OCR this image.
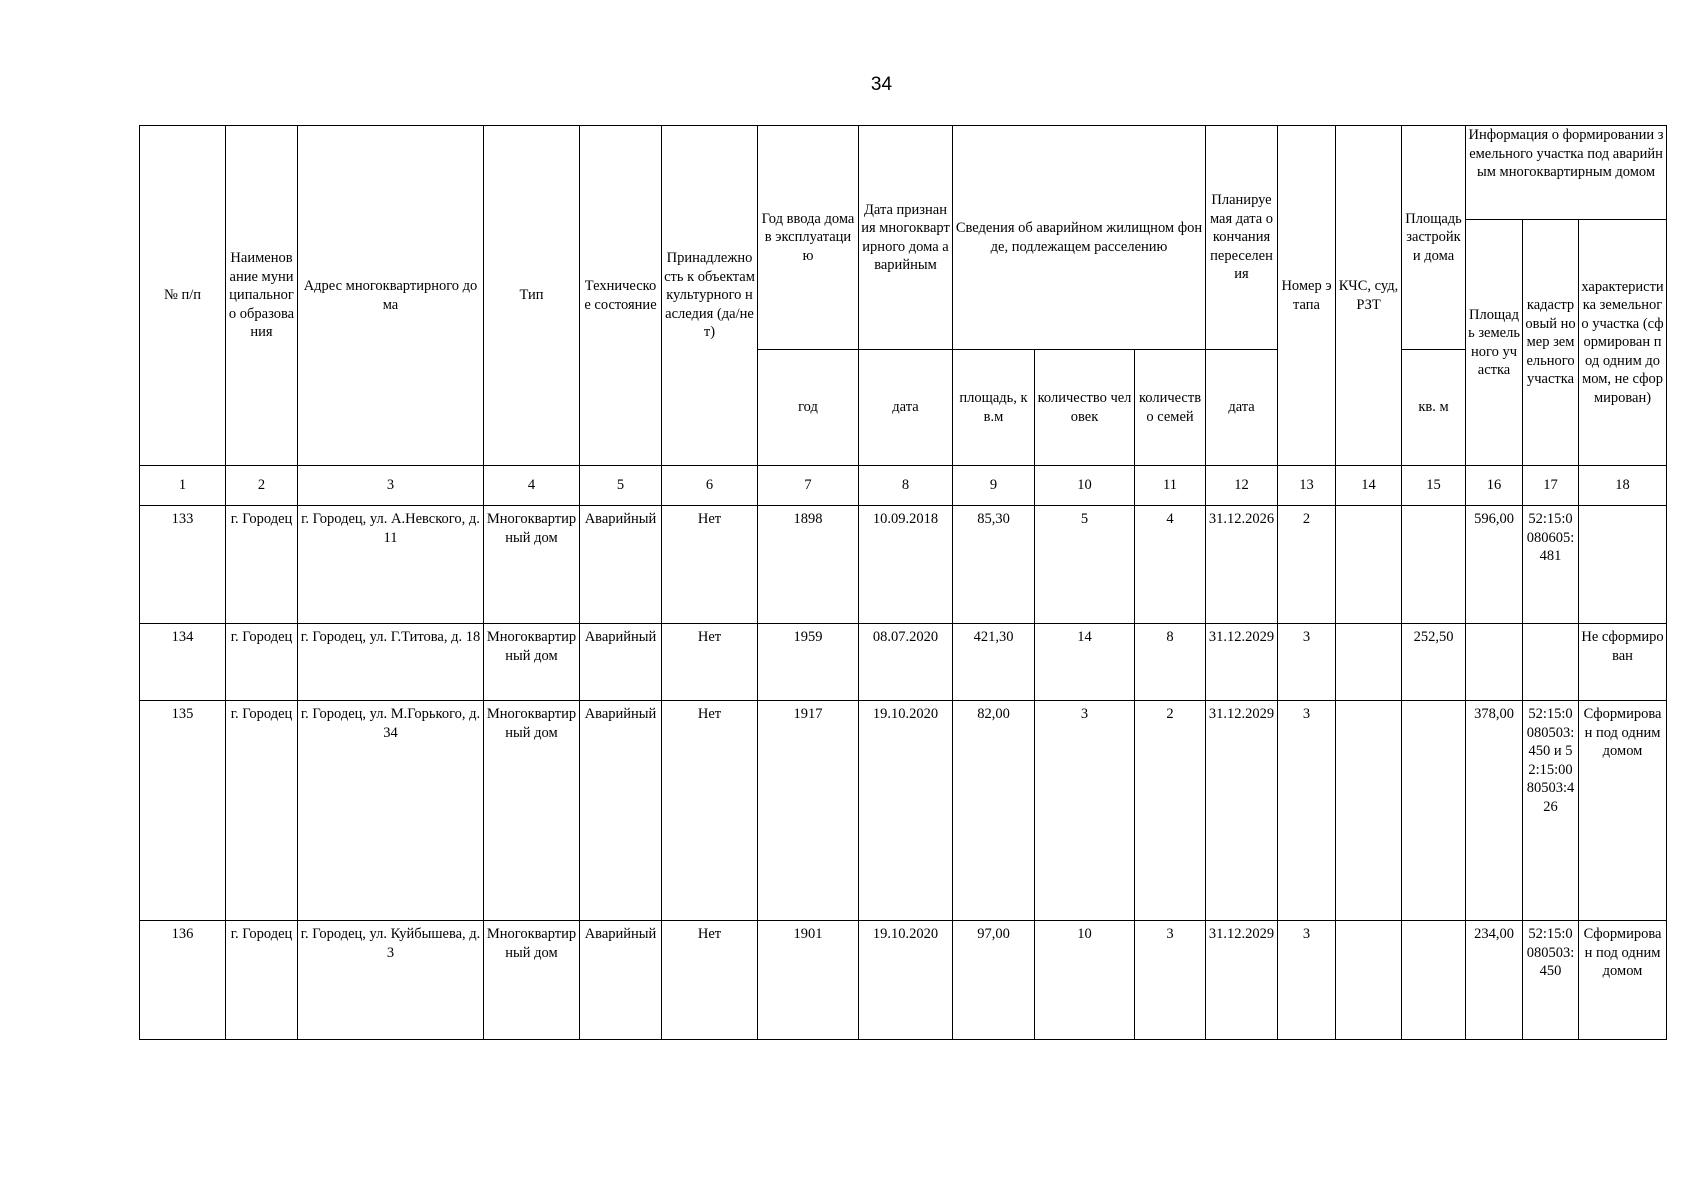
34
№ п/п	Наименование муниципального образования	Адрес многоквартирного дома	Тип	Техническое состояние	Принадлежность к объектам культурного наследия (да/нет)	Год ввода дома в эксплуатацию	Дата признания многоквартирного дома аварийным	Сведения об аварийном жилищном фонде, подлежащем расселению			Планируемая дата окончания переселения	Номер этапа	КЧС, суд, РЗТ	Площадь застройки дома	Информация о формировании земельного участка под аварийным многоквартирным домом		
															Площадь земельного участка	кадастровый номер земельного участка	характеристика земельного участка (сформирован под одним домом, не сформирован)
						год	дата	площадь, кв.м	количество человек	количество семей	дата			кв. м			
1	2	3	4	5	6	7	8	9	10	11	12	13	14	15	16	17	18

133	г. Городец	г. Городец, ул. А.Невского, д. 11	Многоквартирный дом	Аварийный	Нет	1898	10.09.2018	85,30	5	4	31.12.2026	2			596,00	52:15:0080605:481	
134	г. Городец	г. Городец, ул. Г.Титова, д. 18	Многоквартирный дом	Аварийный	Нет	1959	08.07.2020	421,30	14	8	31.12.2029	3		252,50			Не сформирован
135	г. Городец	г. Городец, ул. М.Горького, д. 34	Многоквартирный дом	Аварийный	Нет	1917	19.10.2020	82,00	3	2	31.12.2029	3			378,00	52:15:0080503:450 и 52:15:0080503:426	Сформирован под одним домом
136	г. Городец	г. Городец, ул. Куйбышева, д. 3	Многоквартирный дом	Аварийный	Нет	1901	19.10.2020	97,00	10	3	31.12.2029	3			234,00	52:15:0080503:450	Сформирован под одним домом
